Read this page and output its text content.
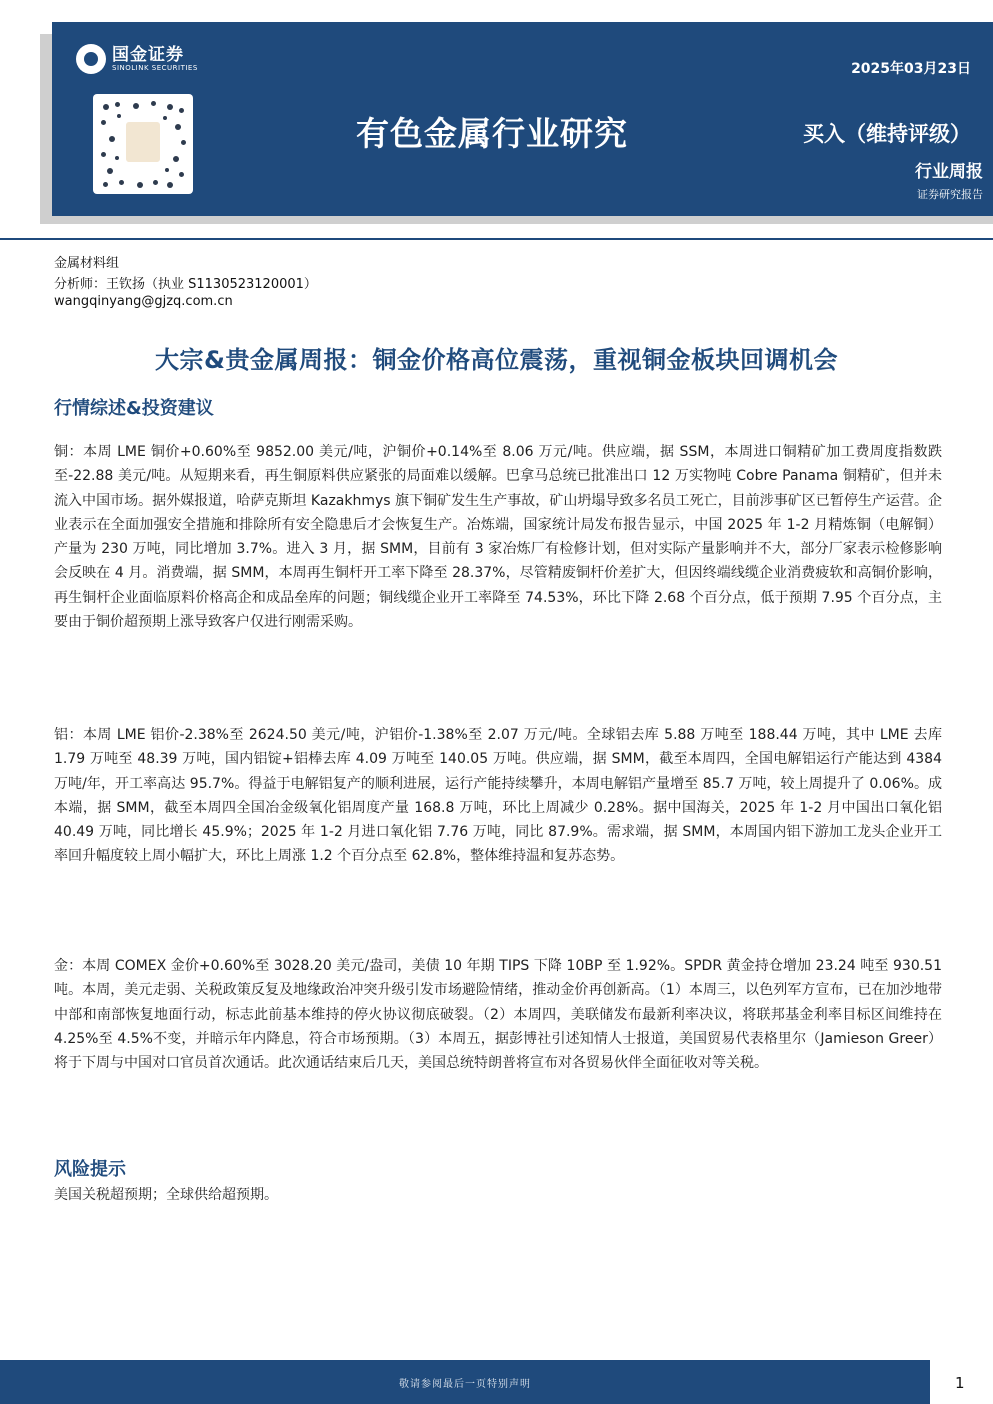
国金证券
SINOLINK SECURITIES
有色金属行业研究
2025年03月23日
买入（维持评级）
行业周报
证券研究报告
金属材料组
分析师：王钦扬（执业 S1130523120001）
wangqinyang@gjzq.com.cn
大宗&贵金属周报：铜金价格高位震荡，重视铜金板块回调机会
行情综述&投资建议

铜：本周 LME 铜价+0.60%至 9852.00 美元/吨，沪铜价+0.14%至 8.06 万元/吨。供应端，据 SSM，本周进口铜精矿加工费周度指数跌至-22.88 美元/吨。从短期来看，再生铜原料供应紧张的局面难以缓解。巴拿马总统已批准出口 12 万实物吨 Cobre Panama 铜精矿，但并未流入中国市场。据外媒报道，哈萨克斯坦 Kazakhmys 旗下铜矿发生生产事故，矿山坍塌导致多名员工死亡，目前涉事矿区已暂停生产运营。企业表示在全面加强安全措施和排除所有安全隐患后才会恢复生产。冶炼端，国家统计局发布报告显示，中国 2025 年 1-2 月精炼铜（电解铜）产量为 230 万吨，同比增加 3.7%。进入 3 月，据 SMM，目前有 3 家冶炼厂有检修计划，但对实际产量影响并不大，部分厂家表示检修影响会反映在 4 月。消费端，据 SMM，本周再生铜杆开工率下降至 28.37%，尽管精废铜杆价差扩大，但因终端线缆企业消费疲软和高铜价影响，再生铜杆企业面临原料价格高企和成品垒库的问题；铜线缆企业开工率降至 74.53%，环比下降 2.68 个百分点，低于预期 7.95 个百分点，主要由于铜价超预期上涨导致客户仅进行刚需采购。

铝：本周 LME 铝价-2.38%至 2624.50 美元/吨，沪铝价-1.38%至 2.07 万元/吨。全球铝去库 5.88 万吨至 188.44 万吨，其中 LME 去库 1.79 万吨至 48.39 万吨，国内铝锭+铝棒去库 4.09 万吨至 140.05 万吨。供应端，据 SMM，截至本周四，全国电解铝运行产能达到 4384 万吨/年，开工率高达 95.7%。得益于电解铝复产的顺利进展，运行产能持续攀升，本周电解铝产量增至 85.7 万吨，较上周提升了 0.06%。成本端，据 SMM，截至本周四全国冶金级氧化铝周度产量 168.8 万吨，环比上周减少 0.28%。据中国海关，2025 年 1-2 月中国出口氧化铝 40.49 万吨，同比增长 45.9%；2025 年 1-2 月进口氧化铝 7.76 万吨，同比 87.9%。需求端，据 SMM，本周国内铝下游加工龙头企业开工率回升幅度较上周小幅扩大，环比上周涨 1.2 个百分点至 62.8%，整体维持温和复苏态势。

金：本周 COMEX 金价+0.60%至 3028.20 美元/盎司，美债 10 年期 TIPS 下降 10BP 至 1.92%。SPDR 黄金持仓增加 23.24 吨至 930.51 吨。本周，美元走弱、关税政策反复及地缘政治冲突升级引发市场避险情绪，推动金价再创新高。（1）本周三，以色列军方宣布，已在加沙地带中部和南部恢复地面行动，标志此前基本维持的停火协议彻底破裂。（2）本周四，美联储发布最新利率决议，将联邦基金利率目标区间维持在 4.25%至 4.5%不变，并暗示年内降息，符合市场预期。（3）本周五，据彭博社引述知情人士报道，美国贸易代表格里尔（Jamieson Greer）将于下周与中国对口官员首次通话。此次通话结束后几天，美国总统特朗普将宣布对各贸易伙伴全面征收对等关税。

风险提示
美国关税超预期；全球供给超预期。
敬请参阅最后一页特别声明	1
